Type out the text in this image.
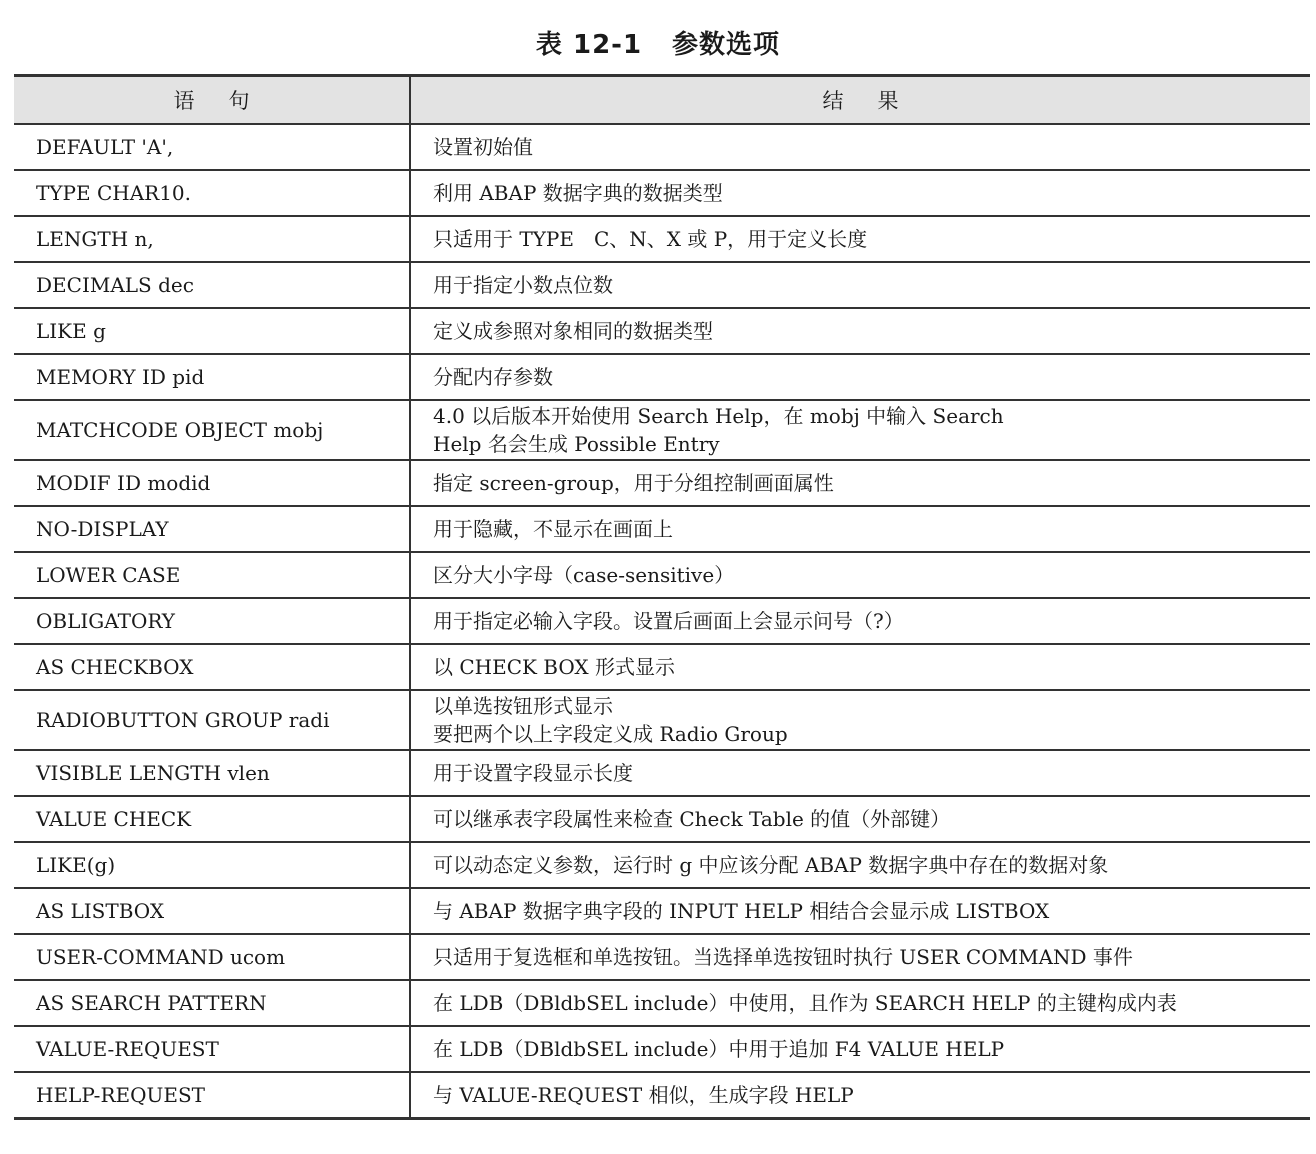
表 12-1 参数选项
语句	结果
DEFAULT 'A',	设置初始值

TYPE CHAR10.	利用 ABAP 数据字典的数据类型

LENGTH n,	只适用于 TYPE　C、N、X 或 P，用于定义长度

DECIMALS dec	用于指定小数点位数

LIKE g	定义成参照对象相同的数据类型

MEMORY ID pid	分配内存参数

MATCHCODE OBJECT mobj	4.0 以后版本开始使用 Search Help，在 mobj 中输入 Search
Help 名会生成 Possible Entry

MODIF ID modid	指定 screen-group，用于分组控制画面属性

NO-DISPLAY	用于隐藏，不显示在画面上

LOWER CASE	区分大小字母（case-sensitive）

OBLIGATORY	用于指定必输入字段。设置后画面上会显示问号（?）

AS CHECKBOX	以 CHECK BOX 形式显示

RADIOBUTTON GROUP radi	以单选按钮形式显示
要把两个以上字段定义成 Radio Group

VISIBLE LENGTH vlen	用于设置字段显示长度

VALUE CHECK	可以继承表字段属性来检查 Check Table 的值（外部键）

LIKE(g)	可以动态定义参数，运行时 g 中应该分配 ABAP 数据字典中存在的数据对象

AS LISTBOX	与 ABAP 数据字典字段的 INPUT HELP 相结合会显示成 LISTBOX

USER-COMMAND ucom	只适用于复选框和单选按钮。当选择单选按钮时执行 USER COMMAND 事件

AS SEARCH PATTERN	在 LDB（DBldbSEL include）中使用，且作为 SEARCH HELP 的主键构成内表

VALUE-REQUEST	在 LDB（DBldbSEL include）中用于追加 F4 VALUE HELP

HELP-REQUEST	与 VALUE-REQUEST 相似，生成字段 HELP
